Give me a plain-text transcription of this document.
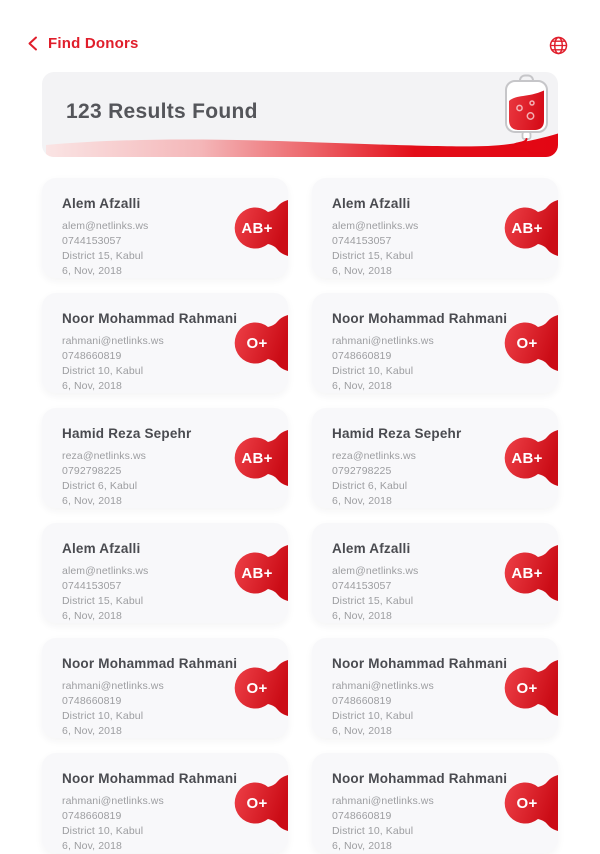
Find Donors
123 Results Found
Alem Afzalli
alem@netlinks.ws
0744153057
District 15, Kabul
6, Nov, 2018
AB+
Alem Afzalli
alem@netlinks.ws
0744153057
District 15, Kabul
6, Nov, 2018
AB+
Noor Mohammad Rahmani
rahmani@netlinks.ws
0748660819
District 10, Kabul
6, Nov, 2018
O+
Noor Mohammad Rahmani
rahmani@netlinks.ws
0748660819
District 10, Kabul
6, Nov, 2018
O+
Hamid Reza Sepehr
reza@netlinks.ws
0792798225
District 6, Kabul
6, Nov, 2018
AB+
Hamid Reza Sepehr
reza@netlinks.ws
0792798225
District 6, Kabul
6, Nov, 2018
AB+
Alem Afzalli
alem@netlinks.ws
0744153057
District 15, Kabul
6, Nov, 2018
AB+
Alem Afzalli
alem@netlinks.ws
0744153057
District 15, Kabul
6, Nov, 2018
AB+
Noor Mohammad Rahmani
rahmani@netlinks.ws
0748660819
District 10, Kabul
6, Nov, 2018
O+
Noor Mohammad Rahmani
rahmani@netlinks.ws
0748660819
District 10, Kabul
6, Nov, 2018
O+
Noor Mohammad Rahmani
rahmani@netlinks.ws
0748660819
District 10, Kabul
6, Nov, 2018
O+
Noor Mohammad Rahmani
rahmani@netlinks.ws
0748660819
District 10, Kabul
6, Nov, 2018
O+
